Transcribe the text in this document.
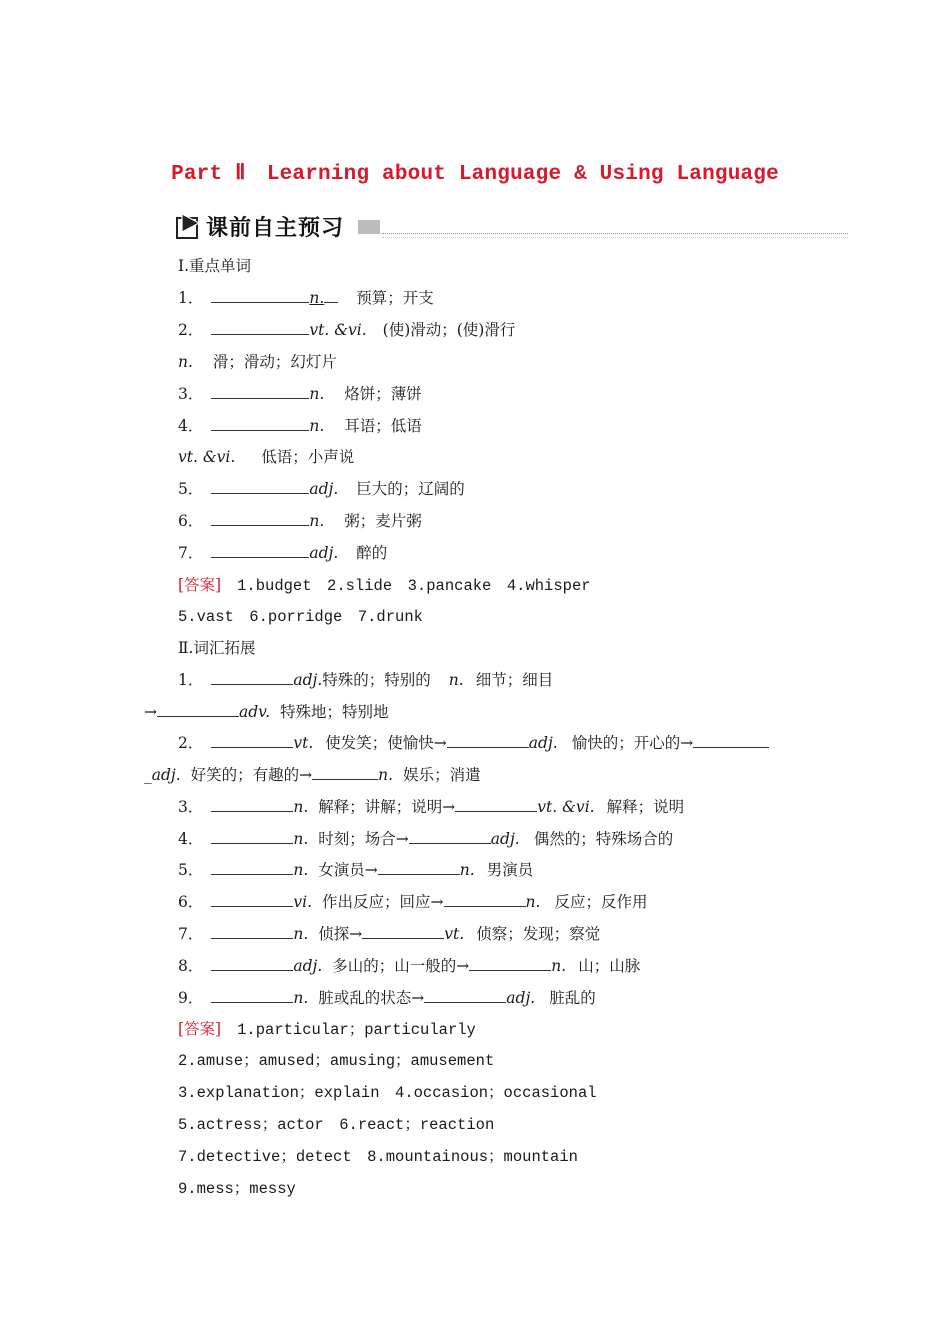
Part Ⅱ　Learning about Language & Using Language
课前自主预习
Ⅰ.重点单词
1．	n. 预算；开支
2．	vt. &vi. (使)滑动；(使)滑行
n. 滑；滑动；幻灯片
3．	n. 烙饼；薄饼
4．	n. 耳语；低语
vt. &vi. 低语；小声说
5．	adj. 巨大的；辽阔的
6．	n. 粥；麦片粥
7．	adj. 醉的
[答案] 1.budget　2.slide　3.pancake　4.whisper
5.vast　6.porridge　7.drunk
Ⅱ.词汇拓展
1．	adj.特殊的；特别的 n. 细节；细目
→	adv. 特殊地；特别地
2．	vt. 使发笑；使愉快→	adj. 愉快的；开心的→
_adj. 好笑的；有趣的→	n. 娱乐；消遣
3．	n. 解释；讲解；说明→	vt. &vi. 解释；说明
4．	n. 时刻；场合→	adj. 偶然的；特殊场合的
5．	n. 女演员→	n. 男演员
6．	vi. 作出反应；回应→	n. 反应；反作用
7．	n. 侦探→	vt. 侦察；发现；察觉
8．	adj. 多山的；山一般的→	n. 山；山脉
9．	n. 脏或乱的状态→	adj. 脏乱的
[答案] 1.particular；particularly
2.amuse；amused；amusing；amusement
3.explanation；explain　4.occasion；occasional
5.actress；actor　6.react；reaction
7.detective；detect　8.mountainous；mountain
9.mess；messy
